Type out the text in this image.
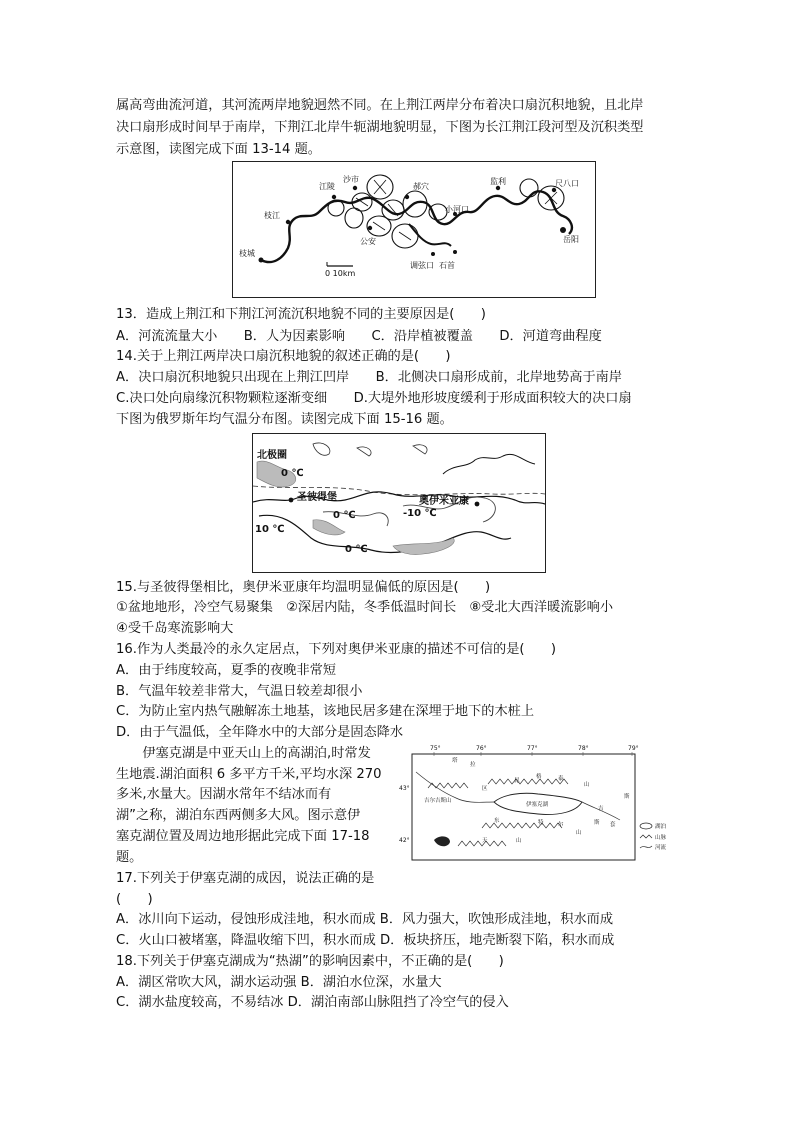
属高弯曲流河道，其河流两岸地貌迥然不同。在上荆江两岸分布着决口扇沉积地貌，且北岸
决口扇形成时间早于南岸，下荆江北岸牛轭湖地貌明显，下图为长江荆江段河型及沉积类型
示意图，读图完成下面 13-14 题。
江陵
沙市
郝穴
监利	尺八口
枝江
小河口
枝城
公安
调弦口 石首
岳阳
0 10km
13．造成上荆江和下荆江河流沉积地貌不同的主要原因是(　　)
A．河流流量大小　　B．人为因素影响　　C．沿岸植被覆盖　　D．河道弯曲程度
14.关于上荆江两岸决口扇沉积地貌的叙述正确的是(　　)
A．决口扇沉积地貌只出现在上荆江凹岸　　B．北侧决口扇形成前，北岸地势高于南岸
C.决口处向扇缘沉积物颗粒逐渐变细　　D.大堤外地形坡度缓利于形成面积较大的决口扇
下图为俄罗斯年均气温分布图。读图完成下面 15-16 题。
北极圈
0 ℃
圣彼得堡	奥伊米亚康
-10 ℃
0 ℃
10 ℃
0 ℃
15.与圣彼得堡相比，奥伊米亚康年均温明显偏低的原因是(　　)
①盆地地形，冷空气易聚集　②深居内陆，冬季低温时间长　⑧受北大西洋暖流影响小
④受千岛寒流影响大
16.作为人类最冷的永久定居点，下列对奥伊米亚康的描述不可信的是(　　)
A．由于纬度较高，夏季的夜晚非常短
B．气温年较差非常大，气温日较差却很小
C．为防止室内热气融解冻土地基，该地民居多建在深埋于地下的木桩上
D．由于气温低，全年降水中的大部分是固态降水
　　伊塞克湖是中亚天山上的高湖泊,时常发
生地震.湖泊面积 6 多平方千米,平均水深 270
多米,水量大。因湖水常年不结冰而有
湖”之称，湖泊东西两侧多大风。图示意伊
塞克湖位置及周边地形据此完成下面 17-18
题。
75°	76°	77°	78°	79°
43°
42°
吉尔吉斯山
伊塞克湖
昆
格	泰
山
区
东
天	山
塔
拉
斯 套
特	尔
山
斯
吉
湖泊
山脉
河流
17.下列关于伊塞克湖的成因，说法正确的是
(　　)
A．冰川向下运动，侵蚀形成洼地，积水而成 B．风力强大，吹蚀形成洼地，积水而成
C．火山口被堵塞，降温收缩下凹，积水而成 D．板块挤压，地壳断裂下陷，积水而成
18.下列关于伊塞克湖成为“热湖”的影响因素中，不正确的是(　　)
A．湖区常吹大风，湖水运动强 B．湖泊水位深，水量大
C．湖水盐度较高，不易结冰 D．湖泊南部山脉阻挡了冷空气的侵入
